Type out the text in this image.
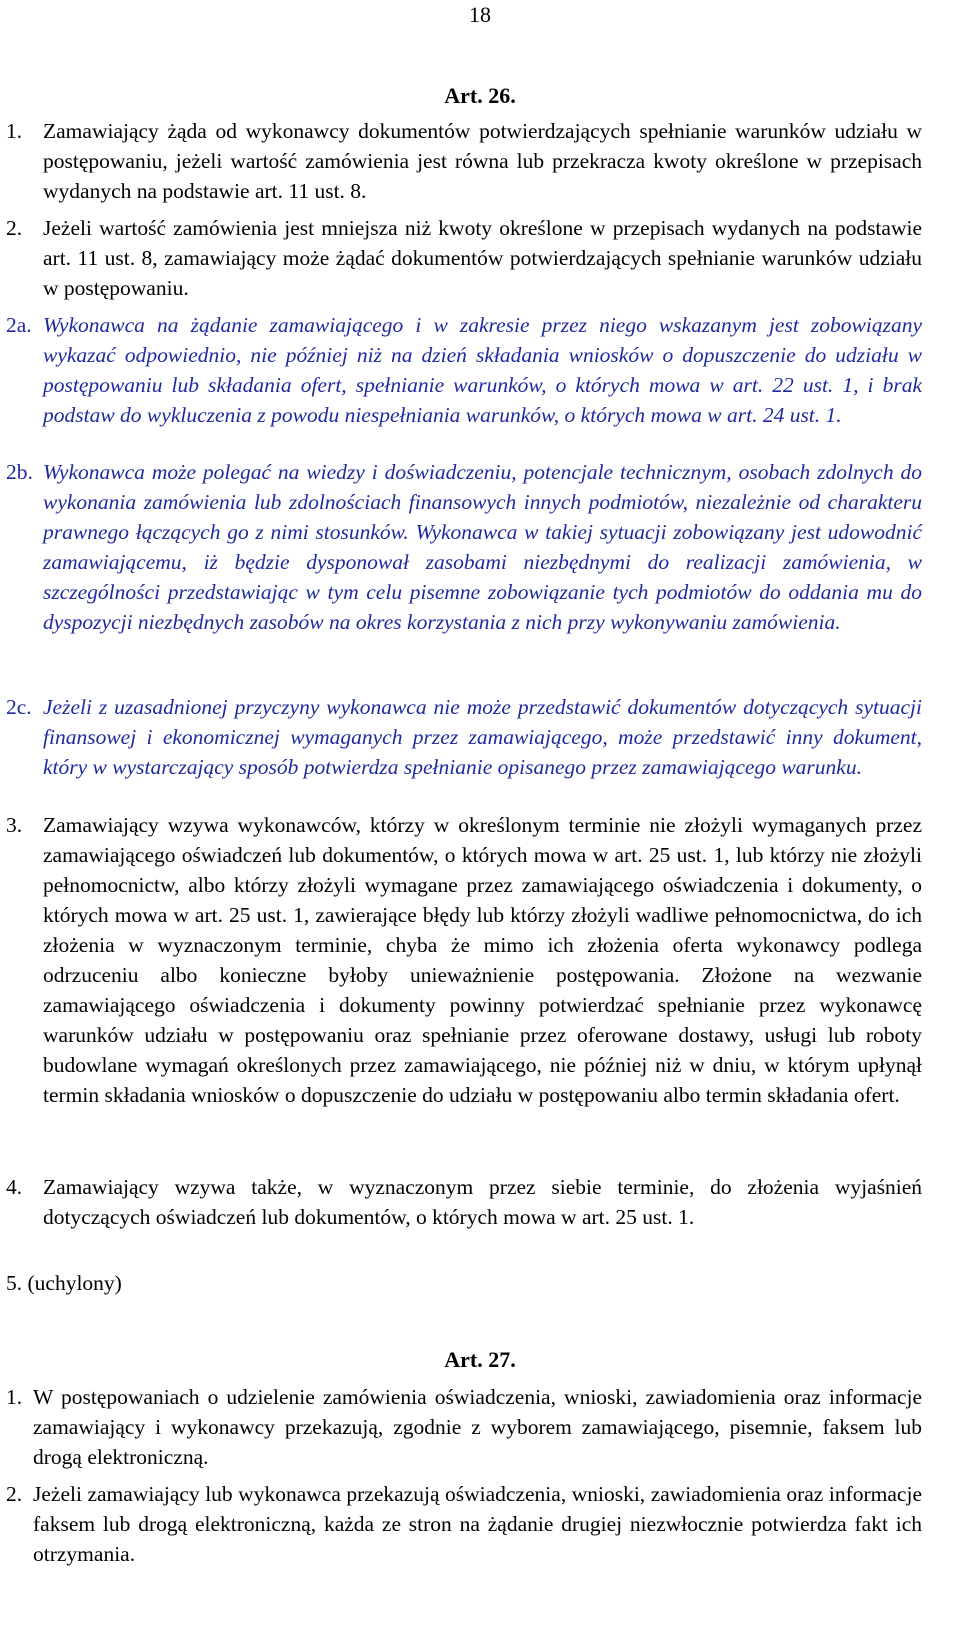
18
Art. 26.
1. Zamawiający żąda od wykonawcy dokumentów potwierdzających spełnianie warunków udziału w postępowaniu, jeżeli wartość zamówienia jest równa lub przekracza kwoty określone w przepisach wydanych na podstawie art. 11 ust. 8.
2. Jeżeli wartość zamówienia jest mniejsza niż kwoty określone w przepisach wydanych na podstawie art. 11 ust. 8, zamawiający może żądać dokumentów potwierdzających spełnianie warunków udziału w postępowaniu.
2a. Wykonawca na żądanie zamawiającego i w zakresie przez niego wskazanym jest zobowiązany wykazać odpowiednio, nie później niż na dzień składania wniosków o dopuszczenie do udziału w postępowaniu lub składania ofert, spełnianie warunków, o których mowa w art. 22 ust. 1, i brak podstaw do wykluczenia z powodu niespełniania warunków, o których mowa w art. 24 ust. 1.
2b. Wykonawca może polegać na wiedzy i doświadczeniu, potencjale technicznym, osobach zdolnych do wykonania zamówienia lub zdolnościach finansowych innych podmiotów, niezależnie od charakteru prawnego łączących go z nimi stosunków. Wykonawca w takiej sytuacji zobowiązany jest udowodnić zamawiającemu, iż będzie dysponował zasobami niezbędnymi do realizacji zamówienia, w szczególności przedstawiając w tym celu pisemne zobowiązanie tych podmiotów do oddania mu do dyspozycji niezbędnych zasobów na okres korzystania z nich przy wykonywaniu zamówienia.
2c. Jeżeli z uzasadnionej przyczyny wykonawca nie może przedstawić dokumentów dotyczących sytuacji finansowej i ekonomicznej wymaganych przez zamawiającego, może przedstawić inny dokument, który w wystarczający sposób potwierdza spełnianie opisanego przez zamawiającego warunku.
3. Zamawiający wzywa wykonawców, którzy w określonym terminie nie złożyli wymaganych przez zamawiającego oświadczeń lub dokumentów, o których mowa w art. 25 ust. 1, lub którzy nie złożyli pełnomocnictw, albo którzy złożyli wymagane przez zamawiającego oświadczenia i dokumenty, o których mowa w art. 25 ust. 1, zawierające błędy lub którzy złożyli wadliwe pełnomocnictwa, do ich złożenia w wyznaczonym terminie, chyba że mimo ich złożenia oferta wykonawcy podlega odrzuceniu albo konieczne byłoby unieważnienie postępowania. Złożone na wezwanie zamawiającego oświadczenia i dokumenty powinny potwierdzać spełnianie przez wykonawcę warunków udziału w postępowaniu oraz spełnianie przez oferowane dostawy, usługi lub roboty budowlane wymagań określonych przez zamawiającego, nie później niż w dniu, w którym upłynął termin składania wniosków o dopuszczenie do udziału w postępowaniu albo termin składania ofert.
4. Zamawiający wzywa także, w wyznaczonym przez siebie terminie, do złożenia wyjaśnień dotyczących oświadczeń lub dokumentów, o których mowa w art. 25 ust. 1.
5. (uchylony)
Art. 27.
1. W postępowaniach o udzielenie zamówienia oświadczenia, wnioski, zawiadomienia oraz informacje zamawiający i wykonawcy przekazują, zgodnie z wyborem zamawiającego, pisemnie, faksem lub drogą elektroniczną.
2. Jeżeli zamawiający lub wykonawca przekazują oświadczenia, wnioski, zawiadomienia oraz informacje faksem lub drogą elektroniczną, każda ze stron na żądanie drugiej niezwłocznie potwierdza fakt ich otrzymania.
